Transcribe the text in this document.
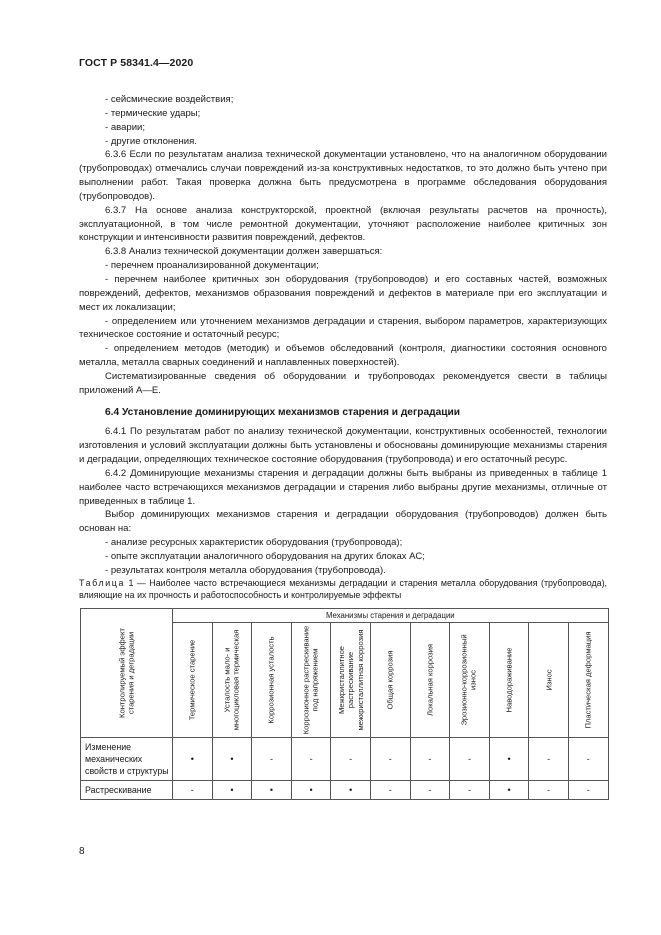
ГОСТ Р 58341.4—2020

- сейсмические воздействия;

- термические удары;

- аварии;

- другие отклонения.

6.3.6 Если по результатам анализа технической документации установлено, что на аналогичном оборудовании (трубопроводах) отмечались случаи повреждений из-за конструктивных недостатков, то это должно быть учтено при выполнении работ. Такая проверка должна быть предусмотрена в программе обследования оборудования (трубопроводов).

6.3.7 На основе анализа конструкторской, проектной (включая результаты расчетов на прочность), эксплуатационной, в том числе ремонтной документации, уточняют расположение наиболее критичных зон конструкции и интенсивности развития повреждений, дефектов.

6.3.8 Анализ технической документации должен завершаться:

- перечнем проанализированной документации;

- перечнем наиболее критичных зон оборудования (трубопроводов) и его составных частей, возможных повреждений, дефектов, механизмов образования повреждений и дефектов в материале при его эксплуатации и мест их локализации;

- определением или уточнением механизмов деградации и старения, выбором параметров, характеризующих техническое состояние и остаточный ресурс;

- определением методов (методик) и объемов обследований (контроля, диагностики состояния основного металла, металла сварных соединений и наплавленных поверхностей).

Систематизированные сведения об оборудовании и трубопроводах рекомендуется свести в таблицы приложений А—Е.

6.4 Установление доминирующих механизмов старения и деградации

6.4.1 По результатам работ по анализу технической документации, конструктивных особенностей, технологии изготовления и условий эксплуатации должны быть установлены и обоснованы доминирующие механизмы старения и деградации, определяющих техническое состояние оборудования (трубопровода) и его остаточный ресурс.

6.4.2 Доминирующие механизмы старения и деградации должны быть выбраны из приведенных в таблице 1 наиболее часто встречающихся механизмов деградации и старения либо выбраны другие механизмы, отличные от приведенных в таблице 1.

Выбор доминирующих механизмов старения и деградации оборудования (трубопроводов) должен быть основан на:

- анализе ресурсных характеристик оборудования (трубопровода);

- опыте эксплуатации аналогичного оборудования на других блоках АС;

- результатах контроля металла оборудования (трубопровода).

Таблица 1 — Наиболее часто встречающиеся механизмы деградации и старения металла оборудования (трубопровода), влияющие на их прочность и работоспособность и контролируемые эффекты
Контролируемый эффект старения и деградации	Механизмы старения и деградации										

	Термическое старение	Усталость мало- и многоцикловая термическая	Коррозионная усталость	Коррозионное растрескивание под напряжением	Межкристаллитное растрескивание межкристаллитная коррозия	Общая коррозия	Локальная коррозия	Эрозионно-коррозионный износ	Наводораживание	Износ	Пластическая деформация

Изменение механических свойств и структуры	•	•	-	-	-	-	-	-	•	-	-
Растрескивание	-	•	•	•	•	-	-	-	•	-	-
8
